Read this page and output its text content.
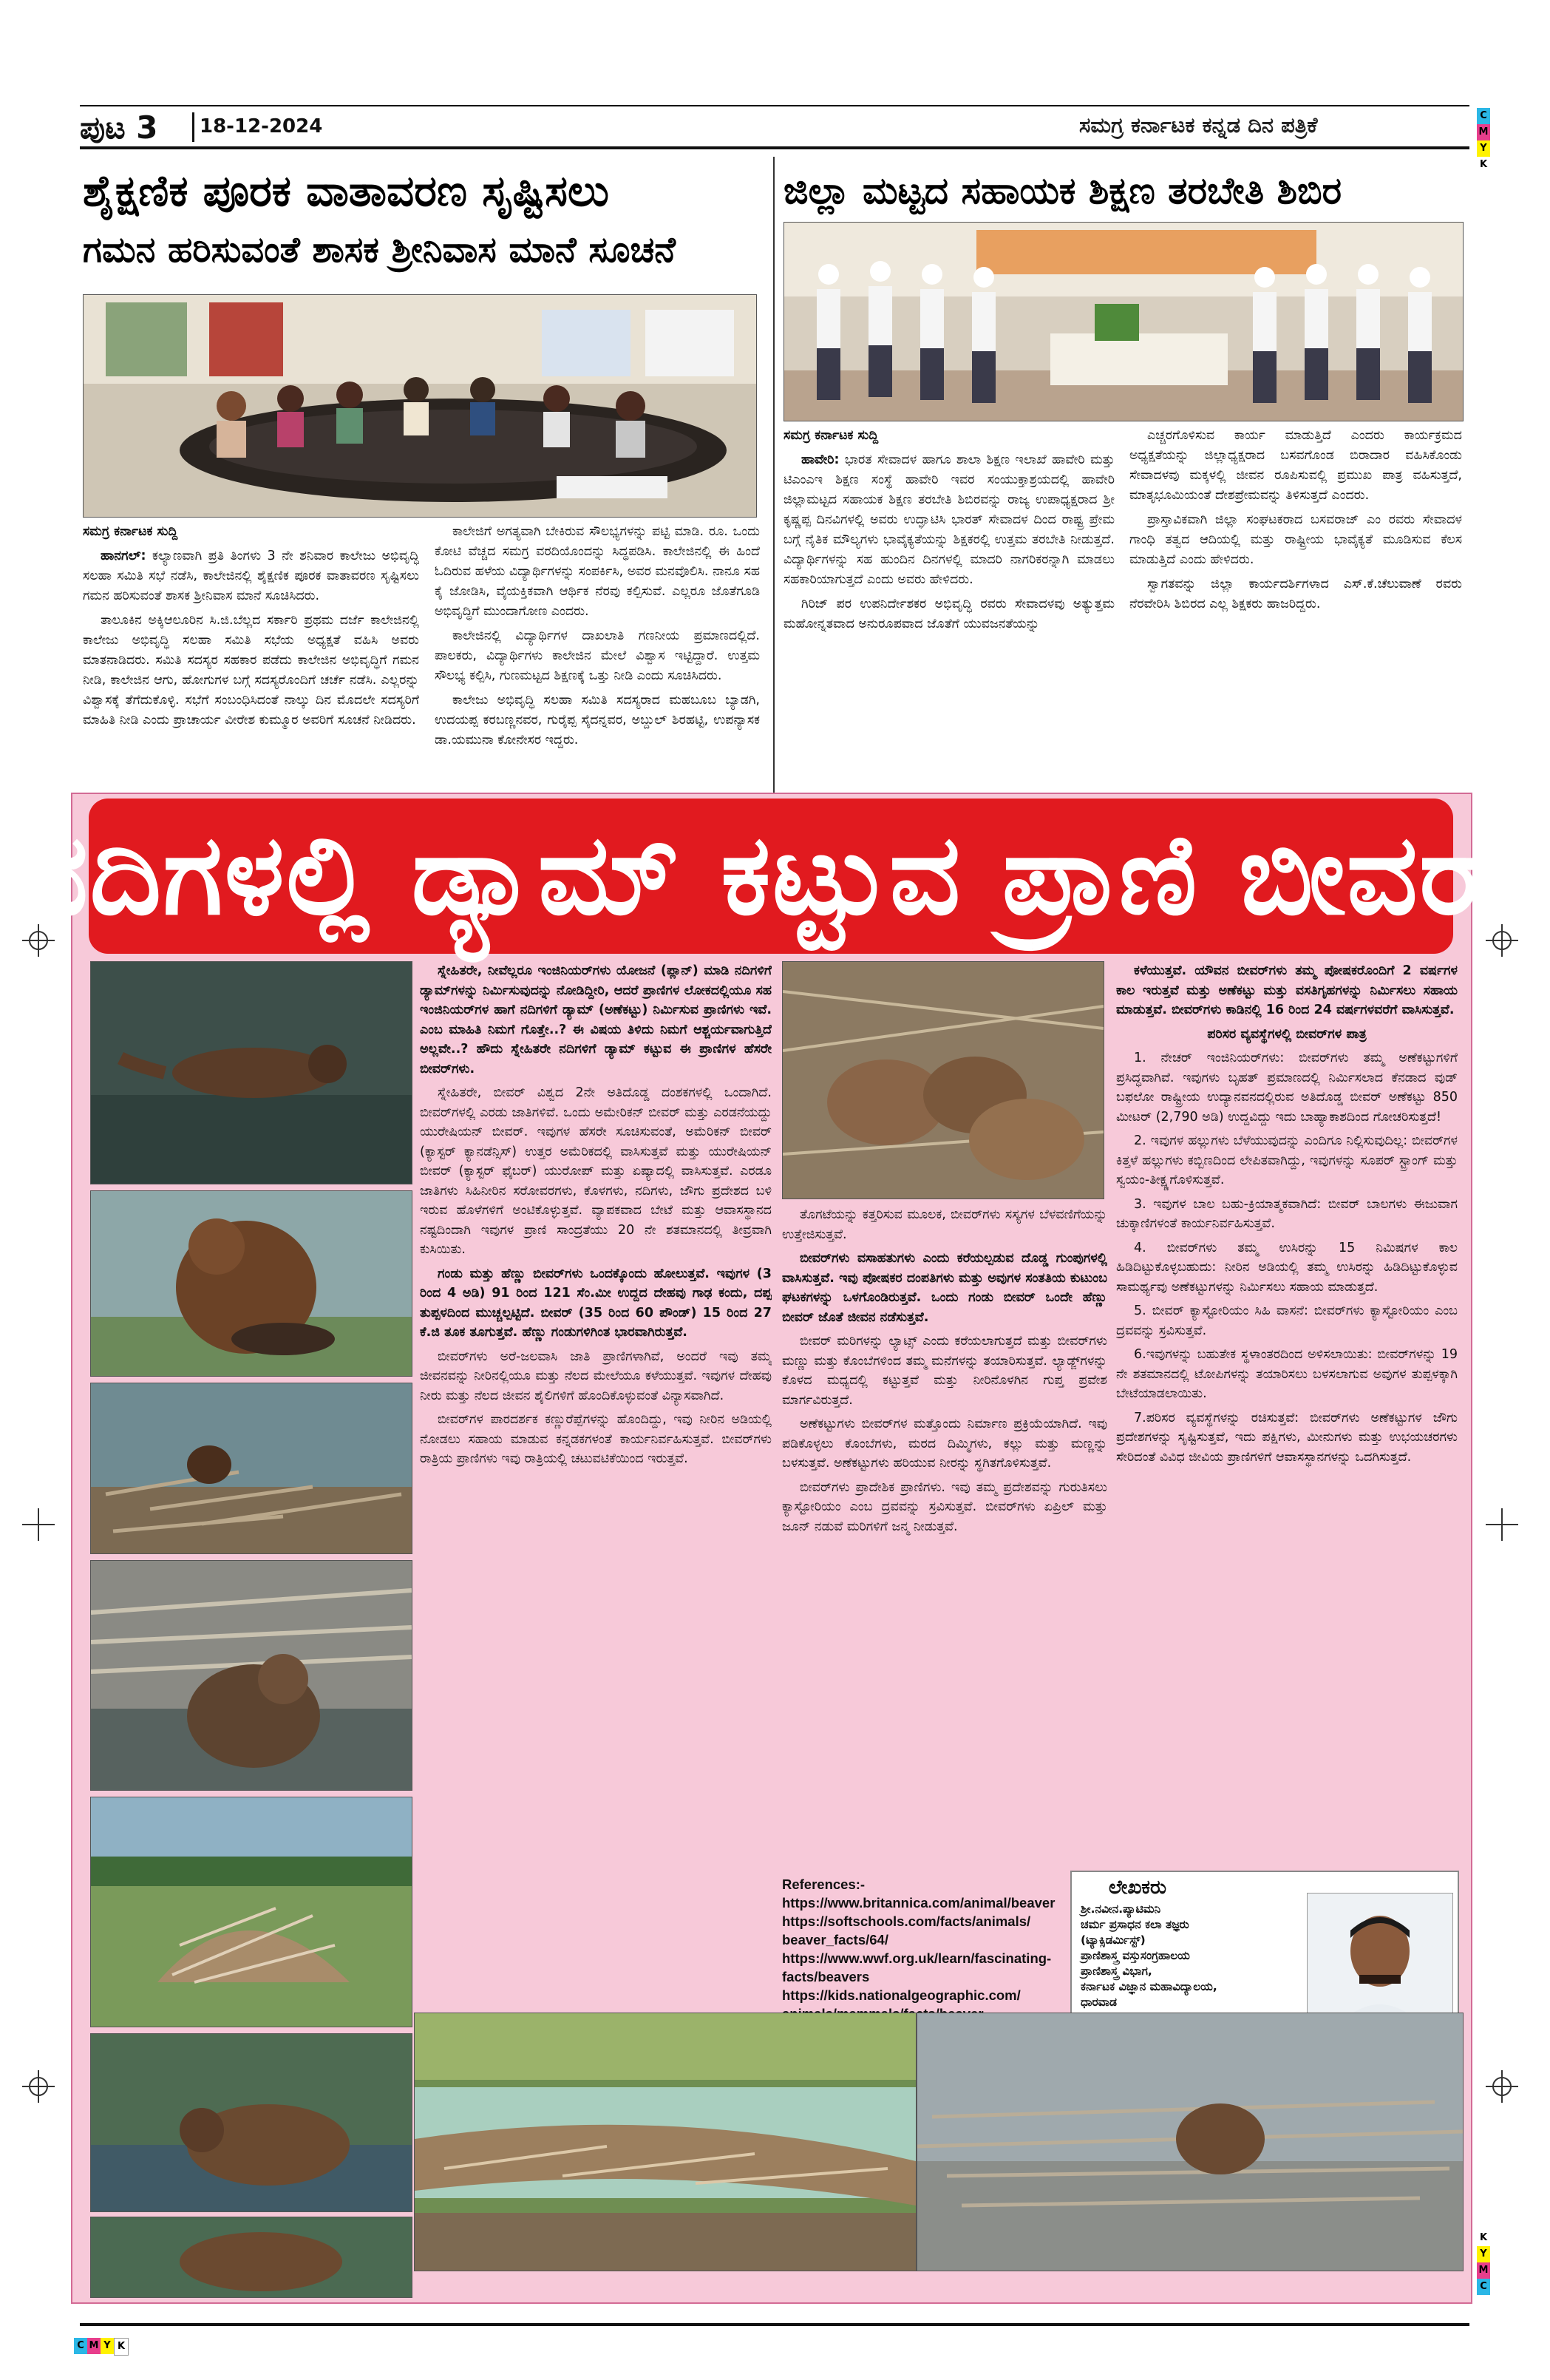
ಪುಟ 3 18-12-2024	ಸಮಗ್ರ ಕರ್ನಾಟಕ ಕನ್ನಡ ದಿನ ಪತ್ರಿಕೆ	C
M
Y
K
ಶೈಕ್ಷಣಿಕ ಪೂರಕ ವಾತಾವರಣ ಸೃಷ್ಟಿಸಲು
ಗಮನ ಹರಿಸುವಂತೆ ಶಾಸಕ ಶ್ರೀನಿವಾಸ ಮಾನೆ ಸೂಚನೆ

ಸಮಗ್ರ ಕರ್ನಾಟಕ ಸುದ್ದಿ

ಹಾನಗಲ್: ಕಲ್ಯಾಣವಾಗಿ ಪ್ರತಿ ತಿಂಗಳು 3 ನೇ ಶನಿವಾರ ಕಾಲೇಜು ಅಭಿವೃದ್ಧಿ ಸಲಹಾ ಸಮಿತಿ ಸಭೆ ನಡೆಸಿ, ಕಾಲೇಜಿನಲ್ಲಿ ಶೈಕ್ಷಣಿಕ ಪೂರಕ ವಾತಾವರಣ ಸೃಷ್ಟಿಸಲು ಗಮನ ಹರಿಸುವಂತೆ ಶಾಸಕ ಶ್ರೀನಿವಾಸ ಮಾನೆ ಸೂಚಿಸಿದರು.

ತಾಲೂಕಿನ ಅಕ್ಕಿಆಲೂರಿನ ಸಿ.ಜಿ.ಬೆಲ್ಲದ ಸರ್ಕಾರಿ ಪ್ರಥಮ ದರ್ಜೆ ಕಾಲೇಜಿನಲ್ಲಿ ಕಾಲೇಜು ಅಭಿವೃದ್ಧಿ ಸಲಹಾ ಸಮಿತಿ ಸಭೆಯ ಅಧ್ಯಕ್ಷತೆ ವಹಿಸಿ ಅವರು ಮಾತನಾಡಿದರು. ಸಮಿತಿ ಸದಸ್ಯರ ಸಹಕಾರ ಪಡೆದು ಕಾಲೇಜಿನ ಅಭಿವೃದ್ಧಿಗೆ ಗಮನ ನೀಡಿ, ಕಾಲೇಜಿನ ಆಗು, ಹೋಗುಗಳ ಬಗ್ಗೆ ಸದಸ್ಯರೊಂದಿಗೆ ಚರ್ಚೆ ನಡೆಸಿ. ಎಲ್ಲರನ್ನು ವಿಶ್ವಾಸಕ್ಕೆ ತೆಗೆದುಕೊಳ್ಳಿ. ಸಭೆಗೆ ಸಂಬಂಧಿಸಿದಂತೆ ನಾಲ್ಕು ದಿನ ಮೊದಲೇ ಸದಸ್ಯರಿಗೆ ಮಾಹಿತಿ ನೀಡಿ ಎಂದು ಪ್ರಾಚಾರ್ಯ ವೀರೇಶ ಕುಮ್ಮೂರ ಅವರಿಗೆ ಸೂಚನೆ ನೀಡಿದರು.

ಕಾಲೇಜಿಗೆ ಅಗತ್ಯವಾಗಿ ಬೇಕಿರುವ ಸೌಲಭ್ಯಗಳನ್ನು ಪಟ್ಟಿ ಮಾಡಿ. ರೂ. ಒಂದು ಕೋಟಿ ವೆಚ್ಚದ ಸಮಗ್ರ ವರದಿಯೊಂದನ್ನು ಸಿದ್ಧಪಡಿಸಿ. ಕಾಲೇಜಿನಲ್ಲಿ ಈ ಹಿಂದೆ ಓದಿರುವ ಹಳೆಯ ವಿದ್ಯಾರ್ಥಿಗಳನ್ನು ಸಂಪರ್ಕಿಸಿ, ಅವರ ಮನವೊಲಿಸಿ. ನಾನೂ ಸಹ ಕೈ ಜೋಡಿಸಿ, ವೈಯಕ್ತಿಕವಾಗಿ ಆರ್ಥಿಕ ನೆರವು ಕಲ್ಪಿಸುವೆ. ಎಲ್ಲರೂ ಜೊತೆಗೂಡಿ ಅಭಿವೃದ್ಧಿಗೆ ಮುಂದಾಗೋಣ ಎಂದರು.

ಕಾಲೇಜಿನಲ್ಲಿ ವಿದ್ಯಾರ್ಥಿಗಳ ದಾಖಲಾತಿ ಗಣನೀಯ ಪ್ರಮಾಣದಲ್ಲಿದೆ. ಪಾಲಕರು, ವಿದ್ಯಾರ್ಥಿಗಳು ಕಾಲೇಜಿನ ಮೇಲೆ ವಿಶ್ವಾಸ ಇಟ್ಟಿದ್ದಾರೆ. ಉತ್ತಮ ಸೌಲಭ್ಯ ಕಲ್ಪಿಸಿ, ಗುಣಮಟ್ಟದ ಶಿಕ್ಷಣಕ್ಕೆ ಒತ್ತು ನೀಡಿ ಎಂದು ಸೂಚಿಸಿದರು.

ಕಾಲೇಜು ಅಭಿವೃದ್ಧಿ ಸಲಹಾ ಸಮಿತಿ ಸದಸ್ಯರಾದ ಮಹಬೂಬ ಬ್ಯಾಡಗಿ, ಉದಯಪ್ಪ ಕರಬಣ್ಣನವರ, ಗುರೈಪ್ಪ ಸೈದನ್ನವರ, ಅಬ್ದುಲ್ ಶಿರಹಟ್ಟಿ, ಉಪನ್ಯಾಸಕ ಡಾ.ಯಮುನಾ ಕೋನೇಸರ ಇದ್ದರು.

ಜಿಲ್ಲಾ ಮಟ್ಟದ ಸಹಾಯಕ ಶಿಕ್ಷಣ ತರಬೇತಿ ಶಿಬಿರ

ಸಮಗ್ರ ಕರ್ನಾಟಕ ಸುದ್ದಿ

ಹಾವೇರಿ: ಭಾರತ ಸೇವಾದಳ ಹಾಗೂ ಶಾಲಾ ಶಿಕ್ಷಣ ಇಲಾಖೆ ಹಾವೇರಿ ಮತ್ತು ಟಿಎಂಎಇ ಶಿಕ್ಷಣ ಸಂಸ್ಥೆ ಹಾವೇರಿ ಇವರ ಸಂಯುಕ್ತಾಶ್ರಯದಲ್ಲಿ ಹಾವೇರಿ ಜಿಲ್ಲಾಮಟ್ಟದ ಸಹಾಯಕ ಶಿಕ್ಷಣ ತರಬೇತಿ ಶಿಬಿರವನ್ನು ರಾಜ್ಯ ಉಪಾಧ್ಯಕ್ಷರಾದ ಶ್ರೀ ಕೃಷ್ಣಪ್ಪ ದಿನವಿಗಳಲ್ಲಿ ಅವರು ಉದ್ಘಾಟಿಸಿ ಭಾರತ್ ಸೇವಾದಳ ದಿಂದ ರಾಷ್ಟ್ರ ಪ್ರೇಮ ಬಗ್ಗೆ ನೈತಿಕ ಮೌಲ್ಯಗಳು ಭಾವೈಕ್ಯತೆಯನ್ನು ಶಿಕ್ಷಕರಲ್ಲಿ ಉತ್ತಮ ತರಬೇತಿ ನೀಡುತ್ತದೆ. ವಿದ್ಯಾರ್ಥಿಗಳನ್ನು ಸಹ ಹುಂದಿನ ದಿನಗಳಲ್ಲಿ ಮಾದರಿ ನಾಗರಿಕರನ್ನಾಗಿ ಮಾಡಲು ಸಹಕಾರಿಯಾಗುತ್ತದೆ ಎಂದು ಅವರು ಹೇಳಿದರು.

ಗಿರಿಜ್ ಪರ ಉಪನಿರ್ದೇಶಕರ ಅಭಿವೃದ್ಧಿ ರವರು ಸೇವಾದಳವು ಅತ್ಯುತ್ತಮ ಮಹೋನ್ನತವಾದ ಅನುರೂಪವಾದ ಜೊತೆಗೆ ಯುವಜನತೆಯನ್ನು

ಎಚ್ಚರಗೊಳಿಸುವ ಕಾರ್ಯ ಮಾಡುತ್ತಿದೆ ಎಂದರು ಕಾರ್ಯಕ್ರಮದ ಅಧ್ಯಕ್ಷತೆಯನ್ನು ಜಿಲ್ಲಾಧ್ಯಕ್ಷರಾದ ಬಸವಗೊಂಡ ಬಿರಾದಾರ ವಹಿಸಿಕೊಂಡು ಸೇವಾದಳವು ಮಕ್ಕಳಲ್ಲಿ ಜೀವನ ರೂಪಿಸುವಲ್ಲಿ ಪ್ರಮುಖ ಪಾತ್ರ ವಹಿಸುತ್ತದೆ, ಮಾತೃಭೂಮಿಯಂತೆ ದೇಶಪ್ರೇಮವನ್ನು ತಿಳಿಸುತ್ತದೆ ಎಂದರು.

ಪ್ರಾಸ್ತಾವಿಕವಾಗಿ ಜಿಲ್ಲಾ ಸಂಘಟಕರಾದ ಬಸವರಾಜ್ ಎಂ ರವರು ಸೇವಾದಳ ಗಾಂಧಿ ತತ್ವದ ಆದಿಯಲ್ಲಿ ಮತ್ತು ರಾಷ್ಟ್ರೀಯ ಭಾವೈಕ್ಯತೆ ಮೂಡಿಸುವ ಕೆಲಸ ಮಾಡುತ್ತಿದೆ ಎಂದು ಹೇಳಿದರು.

ಸ್ವಾಗತವನ್ನು ಜಿಲ್ಲಾ ಕಾರ್ಯದರ್ಶಿಗಳಾದ ಎಸ್.ಕೆ.ಚೆಲುವಾಣೆ ರವರು ನೆರವೇರಿಸಿ ಶಿಬಿರದ ಎಲ್ಲ ಶಿಕ್ಷಕರು ಹಾಜರಿದ್ದರು.

ನದಿಗಳಲ್ಲಿ ಡ್ಯಾಮ್ ಕಟ್ಟುವ ಪ್ರಾಣಿ ಬೀವರ್

ಸ್ನೇಹಿತರೇ, ನೀವೆಲ್ಲರೂ ಇಂಜಿನಿಯರ್‌ಗಳು ಯೋಜನೆ (ಪ್ಲಾನ್) ಮಾಡಿ ನದಿಗಳಿಗೆ ಡ್ಯಾಮ್‌ಗಳನ್ನು ನಿರ್ಮಿಸುವುದನ್ನು ನೋಡಿದ್ದೀರಿ, ಆದರೆ ಪ್ರಾಣಿಗಳ ಲೋಕದಲ್ಲಿಯೂ ಸಹ ಇಂಜಿನಿಯರ್‌ಗಳ ಹಾಗೆ ನದಿಗಳಿಗೆ ಡ್ಯಾಮ್ (ಅಣೆಕಟ್ಟು) ನಿರ್ಮಿಸುವ ಪ್ರಾಣಿಗಳು ಇವೆ. ಎಂಬ ಮಾಹಿತಿ ನಿಮಗೆ ಗೊತ್ತೇ..? ಈ ವಿಷಯ ತಿಳಿದು ನಿಮಗೆ ಆಶ್ಚರ್ಯವಾಗುತ್ತಿದೆ ಅಲ್ಲವೇ..? ಹೌದು ಸ್ನೇಹಿತರೇ ನದಿಗಳಿಗೆ ಡ್ಯಾಮ್ ಕಟ್ಟುವ ಈ ಪ್ರಾಣಿಗಳ ಹೆಸರೇ ಬೀವರ್‌ಗಳು.

ಸ್ನೇಹಿತರೇ, ಬೀವರ್ ವಿಶ್ವದ 2ನೇ ಅತಿದೊಡ್ಡ ದಂಶಕಗಳಲ್ಲಿ ಒಂದಾಗಿದೆ. ಬೀವರ್‌ಗಳಲ್ಲಿ ಎರಡು ಜಾತಿಗಳಿವೆ. ಒಂದು ಅಮೇರಿಕನ್ ಬೀವರ್ ಮತ್ತು ಎರಡನೆಯದ್ದು ಯುರೇಷಿಯನ್ ಬೀವರ್. ಇವುಗಳ ಹೆಸರೇ ಸೂಚಿಸುವಂತೆ, ಅಮೆರಿಕನ್ ಬೀವರ್ (ಕ್ಯಾಸ್ಟರ್ ಕ್ಯಾನಡೆನ್ಸಿಸ್) ಉತ್ತರ ಅಮೆರಿಕದಲ್ಲಿ ವಾಸಿಸುತ್ತವೆ ಮತ್ತು ಯುರೇಷಿಯನ್ ಬೀವರ್ (ಕ್ಯಾಸ್ಟರ್ ಫೈಬರ್) ಯುರೋಪ್ ಮತ್ತು ಏಷ್ಯಾದಲ್ಲಿ ವಾಸಿಸುತ್ತವೆ. ಎರಡೂ ಜಾತಿಗಳು ಸಿಹಿನೀರಿನ ಸರೋವರಗಳು, ಕೊಳಗಳು, ನದಿಗಳು, ಜೌಗು ಪ್ರದೇಶದ ಬಳಿ ಇರುವ ಹೊಳೆಗಳಿಗೆ ಅಂಟಿಕೊಳ್ಳುತ್ತವೆ. ವ್ಯಾಪಕವಾದ ಬೇಟೆ ಮತ್ತು ಆವಾಸಸ್ಥಾನದ ನಷ್ಟದಿಂದಾಗಿ ಇವುಗಳ ಪ್ರಾಣಿ ಸಾಂದ್ರತೆಯು 20 ನೇ ಶತಮಾನದಲ್ಲಿ ತೀವ್ರವಾಗಿ ಕುಸಿಯಿತು.

ಗಂಡು ಮತ್ತು ಹೆಣ್ಣು ಬೀವರ್‌ಗಳು ಒಂದಕ್ಕೊಂದು ಹೋಲುತ್ತವೆ. ಇವುಗಳ (3 ರಿಂದ 4 ಅಡಿ) 91 ರಿಂದ 121 ಸೆಂ.ಮೀ ಉದ್ದದ ದೇಹವು ಗಾಢ ಕಂದು, ದಪ್ಪ ತುಪ್ಪಳದಿಂದ ಮುಚ್ಚಲ್ಪಟ್ಟಿದೆ. ಬೀವರ್ (35 ರಿಂದ 60 ಪೌಂಡ್) 15 ರಿಂದ 27 ಕೆ.ಜಿ ತೂಕ ತೂಗುತ್ತವೆ. ಹೆಣ್ಣು ಗಂಡುಗಳಿಗಿಂತ ಭಾರವಾಗಿರುತ್ತವೆ.

ಬೀವರ್‌ಗಳು ಅರೆ-ಜಲವಾಸಿ ಜಾತಿ ಪ್ರಾಣಿಗಳಾಗಿವೆ, ಅಂದರೆ ಇವು ತಮ್ಮ ಜೀವನವನ್ನು ನೀರಿನಲ್ಲಿಯೂ ಮತ್ತು ನೆಲದ ಮೇಲೆಯೂ ಕಳೆಯುತ್ತವೆ. ಇವುಗಳ ದೇಹವು ನೀರು ಮತ್ತು ನೆಲದ ಜೀವನ ಶೈಲಿಗಳಿಗೆ ಹೊಂದಿಕೊಳ್ಳುವಂತೆ ವಿನ್ಯಾಸವಾಗಿದೆ.

ಬೀವರ್‌ಗಳ ಪಾರದರ್ಶಕ ಕಣ್ಣುರೆಪ್ಪೆಗಳನ್ನು ಹೊಂದಿದ್ದು, ಇವು ನೀರಿನ ಅಡಿಯಲ್ಲಿ ನೋಡಲು ಸಹಾಯ ಮಾಡುವ ಕನ್ನಡಕಗಳಂತೆ ಕಾರ್ಯನಿರ್ವಹಿಸುತ್ತವೆ. ಬೀವರ್‌ಗಳು ರಾತ್ರಿಯ ಪ್ರಾಣಿಗಳು ಇವು ರಾತ್ರಿಯಲ್ಲಿ ಚಟುವಟಿಕೆಯಿಂದ ಇರುತ್ತವೆ.

ತೊಗಟೆಯನ್ನು ಕತ್ತರಿಸುವ ಮೂಲಕ, ಬೀವರ್‌ಗಳು ಸಸ್ಯಗಳ ಬೆಳವಣಿಗೆಯನ್ನು ಉತ್ತೇಜಿಸುತ್ತವೆ.

ಬೀವರ್‌ಗಳು ವಸಾಹತುಗಳು ಎಂದು ಕರೆಯಲ್ಪಡುವ ದೊಡ್ಡ ಗುಂಪುಗಳಲ್ಲಿ ವಾಸಿಸುತ್ತವೆ. ಇವು ಪೋಷಕರ ದಂಪತಿಗಳು ಮತ್ತು ಅವುಗಳ ಸಂತತಿಯ ಕುಟುಂಬ ಘಟಕಗಳನ್ನು ಒಳಗೊಂಡಿರುತ್ತವೆ. ಒಂದು ಗಂಡು ಬೀವರ್ ಒಂದೇ ಹೆಣ್ಣು ಬೀವರ್ ಜೊತೆ ಜೀವನ ನಡೆಸುತ್ತವೆ.

ಬೀವರ್ ಮರಿಗಳನ್ನು ಲ್ಯಾಟ್ಸ್ ಎಂದು ಕರೆಯಲಾಗುತ್ತದೆ ಮತ್ತು ಬೀವರ್‌ಗಳು ಮಣ್ಣು ಮತ್ತು ಕೊಂಬೆಗಳಿಂದ ತಮ್ಮ ಮನೆಗಳನ್ನು ತಯಾರಿಸುತ್ತವೆ. ಲ್ಯಾಡ್ಜ್‌ಗಳನ್ನು ಕೊಳದ ಮಧ್ಯದಲ್ಲಿ ಕಟ್ಟುತ್ತವೆ ಮತ್ತು ನೀರಿನೊಳಗಿನ ಗುಪ್ತ ಪ್ರವೇಶ ಮಾರ್ಗವಿರುತ್ತದೆ.

ಅಣೆಕಟ್ಟುಗಳು ಬೀವರ್‌ಗಳ ಮತ್ತೊಂದು ನಿರ್ಮಾಣ ಪ್ರಕ್ರಿಯೆಯಾಗಿದೆ. ಇವು ಪಡಿಕೊಳ್ಳಲು ಕೊಂಬೆಗಳು, ಮರದ ದಿಮ್ಮಿಗಳು, ಕಲ್ಲು ಮತ್ತು ಮಣ್ಣನ್ನು ಬಳಸುತ್ತವೆ. ಅಣೆಕಟ್ಟುಗಳು ಹರಿಯುವ ನೀರನ್ನು ಸ್ಥಗಿತಗೊಳಿಸುತ್ತವೆ.

ಬೀವರ್‌ಗಳು ಪ್ರಾದೇಶಿಕ ಪ್ರಾಣಿಗಳು. ಇವು ತಮ್ಮ ಪ್ರದೇಶವನ್ನು ಗುರುತಿಸಲು ಕ್ಯಾಸ್ಟೋರಿಯಂ ಎಂಬ ದ್ರವವನ್ನು ಸ್ರವಿಸುತ್ತವೆ. ಬೀವರ್‌ಗಳು ಏಪ್ರಿಲ್ ಮತ್ತು ಜೂನ್ ನಡುವೆ ಮರಿಗಳಿಗೆ ಜನ್ಮ ನೀಡುತ್ತವೆ.

ಕಳೆಯುತ್ತವೆ. ಯೌವನ ಬೀವರ್‌ಗಳು ತಮ್ಮ ಪೋಷಕರೊಂದಿಗೆ 2 ವರ್ಷಗಳ ಕಾಲ ಇರುತ್ತವೆ ಮತ್ತು ಅಣೆಕಟ್ಟು ಮತ್ತು ವಸತಿಗೃಹಗಳನ್ನು ನಿರ್ಮಿಸಲು ಸಹಾಯ ಮಾಡುತ್ತವೆ. ಬೀವರ್‌ಗಳು ಕಾಡಿನಲ್ಲಿ 16 ರಿಂದ 24 ವರ್ಷಗಳವರೆಗೆ ವಾಸಿಸುತ್ತವೆ.

ಪರಿಸರ ವ್ಯವಸ್ಥೆಗಳಲ್ಲಿ ಬೀವರ್‌ಗಳ ಪಾತ್ರ

1. ನೇಚರ್ ಇಂಜಿನಿಯರ್‌ಗಳು: ಬೀವರ್‌ಗಳು ತಮ್ಮ ಅಣೆಕಟ್ಟುಗಳಿಗೆ ಪ್ರಸಿದ್ಧವಾಗಿವೆ. ಇವುಗಳು ಬೃಹತ್ ಪ್ರಮಾಣದಲ್ಲಿ ನಿರ್ಮಿಸಲಾದ ಕೆನಡಾದ ವುಡ್ ಬಫಲೋ ರಾಷ್ಟ್ರೀಯ ಉದ್ಯಾನವನದಲ್ಲಿರುವ ಅತಿದೊಡ್ಡ ಬೀವರ್ ಅಣೆಕಟ್ಟು 850 ಮೀಟರ್ (2,790 ಅಡಿ) ಉದ್ದವಿದ್ದು ಇದು ಬಾಹ್ಯಾಕಾಶದಿಂದ ಗೋಚರಿಸುತ್ತದೆ!

2. ಇವುಗಳ ಹಲ್ಲುಗಳು ಬೆಳೆಯುವುದನ್ನು ಎಂದಿಗೂ ನಿಲ್ಲಿಸುವುದಿಲ್ಲ: ಬೀವರ್‌ಗಳ ಕಿತ್ತಳೆ ಹಲ್ಲುಗಳು ಕಬ್ಬಿಣದಿಂದ ಲೇಪಿತವಾಗಿದ್ದು, ಇವುಗಳನ್ನು ಸೂಪರ್ ಸ್ಟ್ರಾಂಗ್ ಮತ್ತು ಸ್ವಯಂ-ತೀಕ್ಷ್ಣಗೊಳಿಸುತ್ತವೆ.

3. ಇವುಗಳ ಬಾಲ ಬಹು-ಕ್ರಿಯಾತ್ಮಕವಾಗಿದೆ: ಬೀವರ್ ಬಾಲಗಳು ಈಜುವಾಗ ಚುಕ್ಕಾಣಿಗಳಂತೆ ಕಾರ್ಯನಿರ್ವಹಿಸುತ್ತವೆ.

4. ಬೀವರ್‌ಗಳು ತಮ್ಮ ಉಸಿರನ್ನು 15 ನಿಮಿಷಗಳ ಕಾಲ ಹಿಡಿದಿಟ್ಟುಕೊಳ್ಳಬಹುದು: ನೀರಿನ ಅಡಿಯಲ್ಲಿ ತಮ್ಮ ಉಸಿರನ್ನು ಹಿಡಿದಿಟ್ಟುಕೊಳ್ಳುವ ಸಾಮರ್ಥ್ಯವು ಅಣೆಕಟ್ಟುಗಳನ್ನು ನಿರ್ಮಿಸಲು ಸಹಾಯ ಮಾಡುತ್ತದೆ.

5. ಬೀವರ್ ಕ್ಯಾಸ್ಟೋರಿಯಂ ಸಿಹಿ ವಾಸನೆ: ಬೀವರ್‌ಗಳು ಕ್ಯಾಸ್ಟೋರಿಯಂ ಎಂಬ ದ್ರವವನ್ನು ಸ್ರವಿಸುತ್ತವೆ.

6.ಇವುಗಳನ್ನು ಬಹುತೇಕ ಸ್ಥಳಾಂತರದಿಂದ ಅಳಿಸಲಾಯಿತು: ಬೀವರ್‌ಗಳನ್ನು 19 ನೇ ಶತಮಾನದಲ್ಲಿ ಟೋಪಿಗಳನ್ನು ತಯಾರಿಸಲು ಬಳಸಲಾಗುವ ಅವುಗಳ ತುಪ್ಪಳಕ್ಕಾಗಿ ಬೇಟೆಯಾಡಲಾಯಿತು.

7.ಪರಿಸರ ವ್ಯವಸ್ಥೆಗಳನ್ನು ರಚಿಸುತ್ತವೆ: ಬೀವರ್‌ಗಳು ಅಣೆಕಟ್ಟುಗಳ ಜೌಗು ಪ್ರದೇಶಗಳನ್ನು ಸೃಷ್ಟಿಸುತ್ತವೆ, ಇದು ಪಕ್ಷಿಗಳು, ಮೀನುಗಳು ಮತ್ತು ಉಭಯಚರಗಳು ಸೇರಿದಂತೆ ವಿವಿಧ ಜೀವಿಯ ಪ್ರಾಣಿಗಳಿಗೆ ಆವಾಸಸ್ಥಾನಗಳನ್ನು ಒದಗಿಸುತ್ತದೆ.

References:-
https://www.britannica.com/animal/beaver
https://softschools.com/facts/animals/
beaver_facts/64/
https://www.wwf.org.uk/learn/fascinating-
facts/beavers
https://kids.nationalgeographic.com/
ಲೇಖಕರು
ಶ್ರೀ.ನವೀನ.ಪ್ಯಾಟಿಮನಿ
ಚರ್ಮ ಪ್ರಸಾಧನ ಕಲಾ ತಜ್ಞರು
(ಟ್ಯಾಕ್ಸಿಡರ್ಮಿಸ್ಟ್)
ಪ್ರಾಣಿಶಾಸ್ತ್ರ ವಸ್ತುಸಂಗ್ರಹಾಲಯ
ಪ್ರಾಣಿಶಾಸ್ತ್ರ ವಿಭಾಗ,
ಕರ್ನಾಟಕ ವಿಜ್ಞಾನ ಮಹಾವಿದ್ಯಾಲಯ,
ಧಾರವಾಡ
C M Y K
K
Y
M
C
